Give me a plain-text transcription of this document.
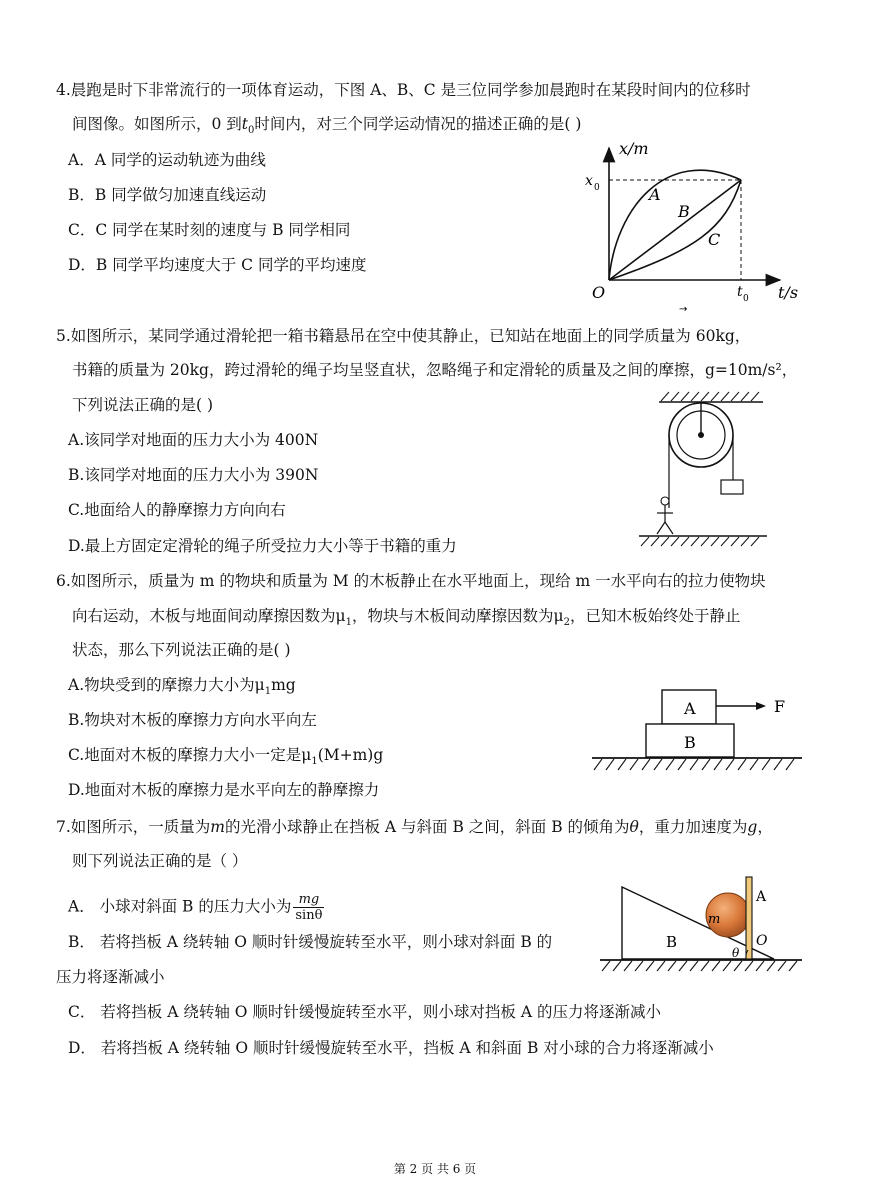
4.晨跑是时下非常流行的一项体育运动，下图 A、B、C 是三位同学参加晨跑时在某段时间内的位移时
间图像。如图所示，0 到$t_0$时间内，对三个同学运动情况的描述正确的是( )
A．A 同学的运动轨迹为曲线
B．B 同学做匀加速直线运动
C．C 同学在某时刻的速度与 B 同学相同
D．B 同学平均速度大于 C 同学的平均速度
x/m
t/s
O
x 0
t 0
A
B
C
→
5.如图所示，某同学通过滑轮把一箱书籍悬吊在空中使其静止，已知站在地面上的同学质量为 60kg，
书籍的质量为 20kg，跨过滑轮的绳子均呈竖直状，忽略绳子和定滑轮的质量及之间的摩擦，g=10m/s²，
下列说法正确的是( )
A.该同学对地面的压力大小为 400N
B.该同学对地面的压力大小为 390N
C.地面给人的静摩擦力方向向右
D.最上方固定定滑轮的绳子所受拉力大小等于书籍的重力
6.如图所示，质量为 m 的物块和质量为 M 的木板静止在水平地面上，现给 m 一水平向右的拉力使物块
向右运动，木板与地面间动摩擦因数为$\mu_1$，物块与木板间动摩擦因数为$\mu_2$，已知木板始终处于静止
状态，那么下列说法正确的是( )
A.物块受到的摩擦力大小为$\mu_1mg$
B.物块对木板的摩擦力方向水平向左
C.地面对木板的摩擦力大小一定是$\mu_1(M+m)g$
D.地面对木板的摩擦力是水平向左的静摩擦力
A
B
F
7.如图所示，一质量为m的光滑小球静止在挡板 A 与斜面 B 之间，斜面 B 的倾角为θ，重力加速度为g，
则下列说法正确的是（ ）
A． 小球对斜面 B 的压力大小为 $\frac{mg}{\sin\theta}$
B． 若将挡板 A 绕转轴 O 顺时针缓慢旋转至水平，则小球对斜面 B 的
压力将逐渐减小
C． 若将挡板 A 绕转轴 O 顺时针缓慢旋转至水平，则小球对挡板 A 的压力将逐渐减小
D． 若将挡板 A 绕转轴 O 顺时针缓慢旋转至水平，挡板 A 和斜面 B 对小球的合力将逐渐减小
m
A
B	O
θ
第 2 页 共 6 页
